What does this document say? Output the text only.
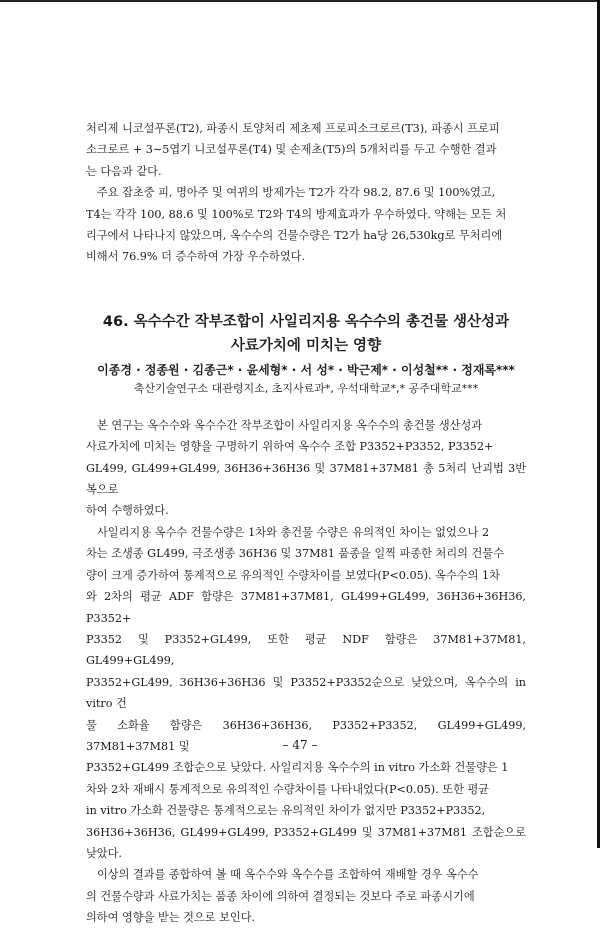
처리제 니코설푸론(T2), 파종시 토양처리 제초제 프로피소크로르(T3), 파종시 프로피

소크로르 + 3∼5엽기 니코설푸론(T4) 및 손제초(T5)의 5개처리를 두고 수행한 결과

는 다음과 같다.

주요 잡초중 피, 명아주 및 여뀌의 방제가는 T2가 각각 98.2, 87.6 및 100%였고,

T4는 각각 100, 88.6 및 100%로 T2와 T4의 방제효과가 우수하였다. 약해는 모든 처

리구에서 나타나지 않았으며, 옥수수의 건물수량은 T2가 ha당 26,530kg로 무처리에

비해서 76.9% 더 증수하여 가장 우수하였다.

46. 옥수수간 작부조합이 사일리지용 옥수수의 총건물 생산성과
사료가치에 미치는 영향
이종경 · 정종원 · 김종근* · 윤세형* · 서 성* · 박근제* · 이성철** · 정재록***
축산기술연구소 대관령지소, 초지사료과*, 우석대학교*,* 공주대학교***

본 연구는 옥수수와 옥수수간 작부조합이 사일리지용 옥수수의 총건물 생산성과

사료가치에 미치는 영향을 구명하기 위하여 옥수수 조합 P3352+P3352, P3352+

GL499, GL499+GL499, 36H36+36H36 및 37M81+37M81 총 5처리 난괴법 3반복으로

하여 수행하였다.

사일리지용 옥수수 건물수량은 1차와 총건물 수량은 유의적인 차이는 없었으나 2

차는 조생종 GL499, 극조생종 36H36 및 37M81 품종을 일찍 파종한 처리의 건물수

량이 크게 증가하여 통계적으로 유의적인 수량차이를 보였다(P<0.05). 옥수수의 1차

와 2차의 평균 ADF 함량은 37M81+37M81, GL499+GL499, 36H36+36H36, P3352+

P3352 및 P3352+GL499, 또한 평균 NDF 함량은 37M81+37M81, GL499+GL499,

P3352+GL499, 36H36+36H36 및 P3352+P3352순으로 낮았으며, 옥수수의 in vitro 건

물 소화율 함량은 36H36+36H36, P3352+P3352, GL499+GL499, 37M81+37M81 및

P3352+GL499 조합순으로 낮았다. 사일리지용 옥수수의 in vitro 가소화 건물량은 1

차와 2차 재배시 통계적으로 유의적인 수량차이를 나타내었다(P<0.05). 또한 평균

in vitro 가소화 건물량은 통계적으로는 유의적인 차이가 없지만 P3352+P3352,

36H36+36H36, GL499+GL499, P3352+GL499 및 37M81+37M81 조합순으로 낮았다.

이상의 결과를 종합하여 볼 때 옥수수와 옥수수를 조합하여 재배할 경우 옥수수

의 건물수량과 사료가치는 품종 차이에 의하여 결정되는 것보다 주로 파종시기에

의하여 영향을 받는 것으로 보인다.

– 47 –
